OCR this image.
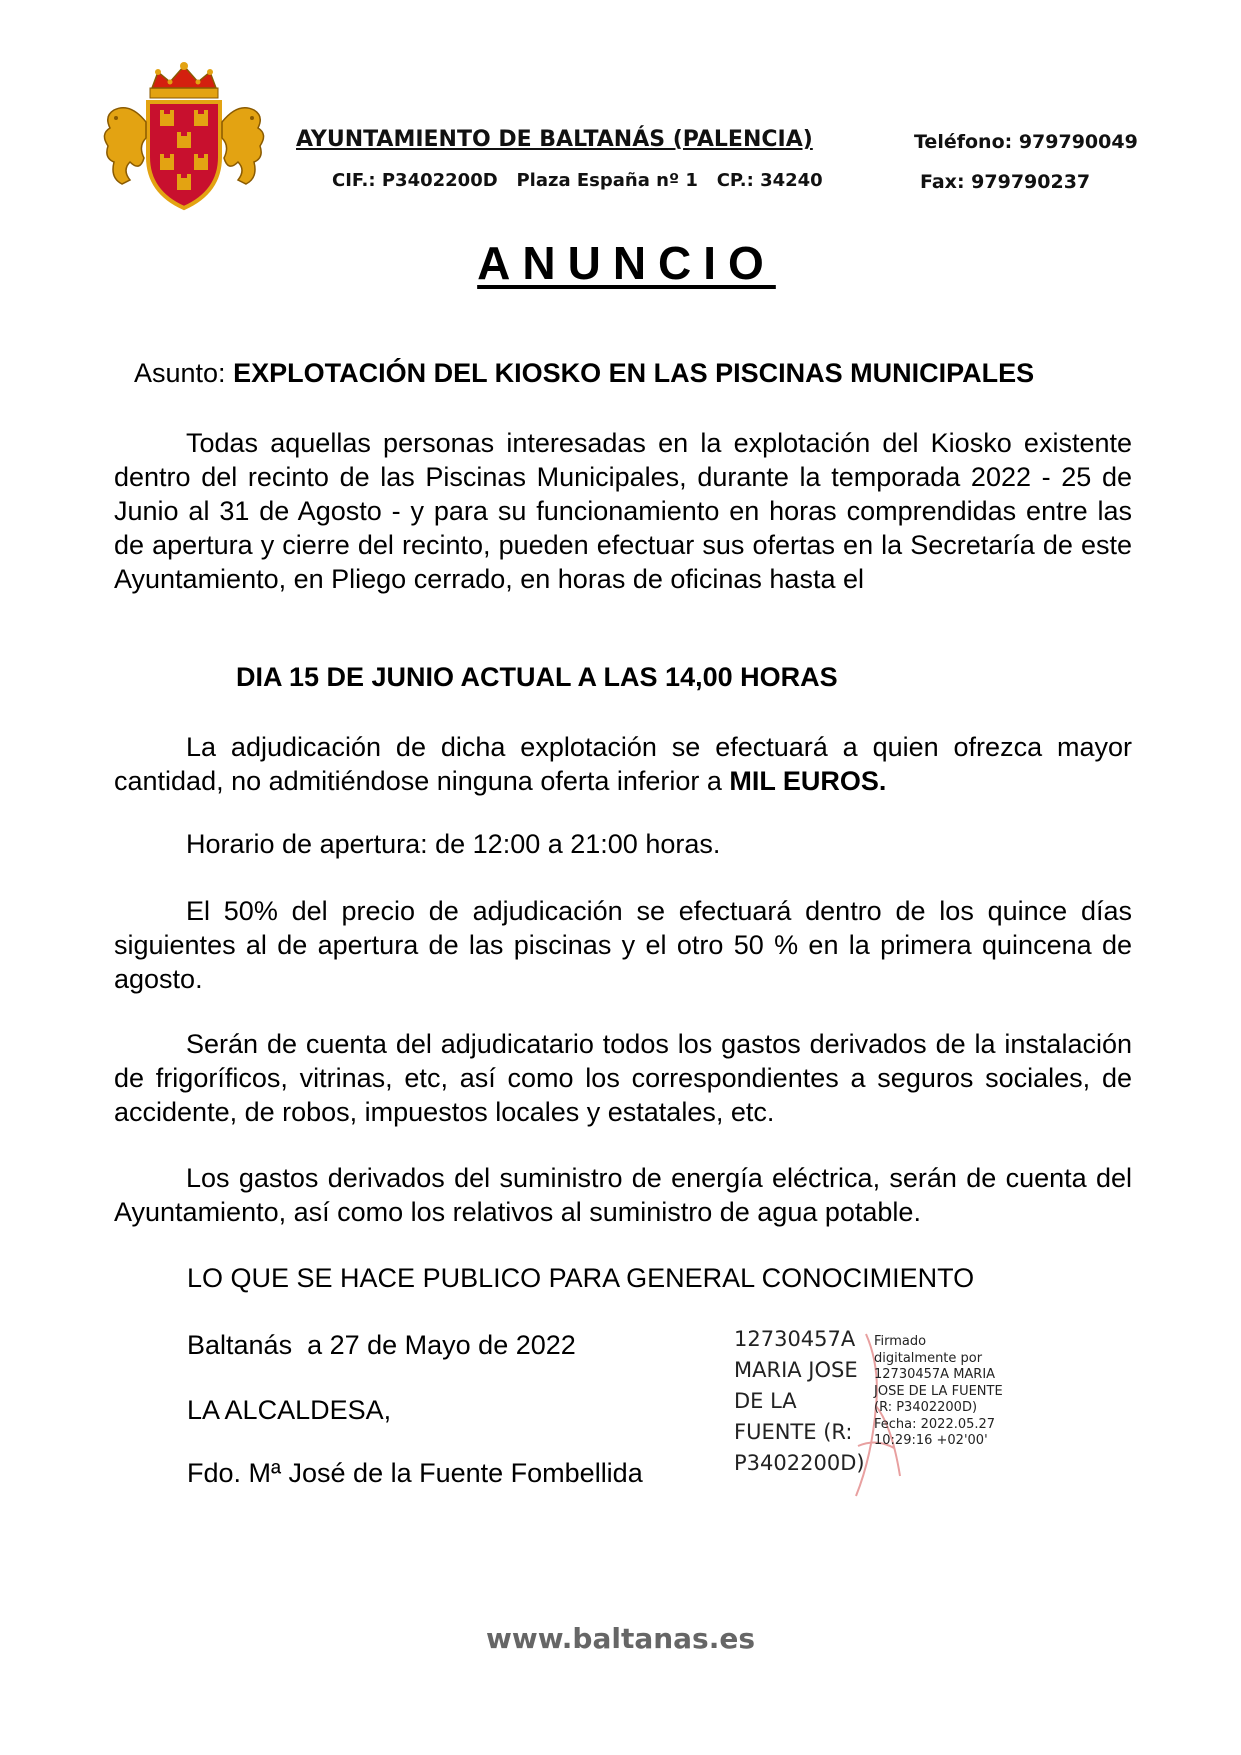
AYUNTAMIENTO DE BALTANÁS (PALENCIA)
CIF.: P3402200D   Plaza España nº 1   CP.: 34240
Teléfono: 979790049
Fax: 979790237
ANUNCIO
Asunto: EXPLOTACIÓN DEL KIOSKO EN LAS PISCINAS MUNICIPALES

Todas aquellas personas interesadas en la explotación del Kiosko existente dentro del recinto de las Piscinas Municipales, durante la temporada 2022 - 25 de Junio al 31 de Agosto - y para su funcionamiento en horas comprendidas entre las de apertura y cierre del recinto, pueden efectuar sus ofertas en la Secretaría de este Ayuntamiento, en Pliego cerrado, en horas de oficinas hasta el

DIA 15 DE JUNIO ACTUAL A LAS 14,00 HORAS

La adjudicación de dicha explotación se efectuará a quien ofrezca mayor cantidad, no admitiéndose ninguna oferta inferior a MIL EUROS.

Horario de apertura: de 12:00 a 21:00 horas.

El 50% del precio de adjudicación se efectuará dentro de los quince días siguientes al de apertura de las piscinas y el otro 50 % en la primera quincena de agosto.

Serán de cuenta del adjudicatario todos los gastos derivados de la instalación de frigoríficos, vitrinas, etc, así como los correspondientes a seguros sociales, de accidente, de robos, impuestos locales y estatales, etc.

Los gastos derivados del suministro de energía eléctrica, serán de cuenta del Ayuntamiento, así como los relativos al suministro de agua potable.

LO QUE SE HACE PUBLICO PARA GENERAL CONOCIMIENTO
Baltanás  a 27 de Mayo de 2022
LA ALCALDESA,
Fdo. Mª José de la Fuente Fombellida
12730457A
MARIA JOSE
DE LA
FUENTE (R:
P3402200D)
Firmado
digitalmente por
12730457A MARIA
JOSE DE LA FUENTE
(R: P3402200D)
Fecha: 2022.05.27
10:29:16 +02'00'
www.baltanas.es
